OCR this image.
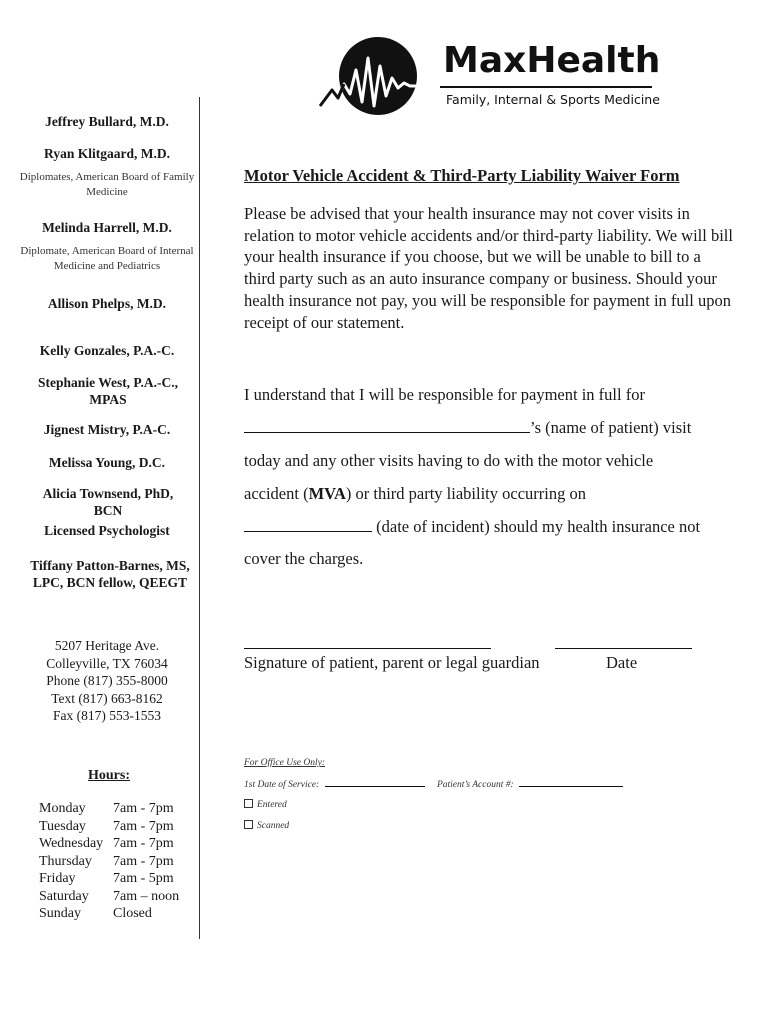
MaxHealth
Family, Internal & Sports Medicine
Jeffrey Bullard, M.D.
Ryan Klitgaard, M.D.
Diplomates, American Board of Family Medicine
Melinda Harrell, M.D.
Diplomate, American Board of Internal Medicine and Pediatrics
Allison Phelps, M.D.
Kelly Gonzales, P.A.-C.
Stephanie West, P.A.-C., MPAS
Jignest Mistry, P.A-C.
Melissa Young, D.C.
Alicia Townsend, PhD, BCN
Licensed Psychologist
Tiffany Patton-Barnes, MS, LPC, BCN fellow, QEEGT
5207 Heritage Ave.
Colleyville, TX 76034
Phone (817) 355-8000
Text (817) 663-8162
Fax (817) 553-1553
Hours:
Monday	7am - 7pm
Tuesday	7am - 7pm
Wednesday	7am - 7pm
Thursday	7am - 7pm
Friday	7am - 5pm
Saturday	7am – noon
Sunday	Closed
Motor Vehicle Accident & Third-Party Liability Waiver Form
Please be advised that your health insurance may not cover visits in relation to motor vehicle accidents and/or third-party liability. We will bill your health insurance if you choose, but we will be unable to bill to a third party such as an auto insurance company or business. Should your health insurance not pay, you will be responsible for payment in full upon receipt of our statement.
I understand that I will be responsible for payment in full for
’s (name of patient) visit
today and any other visits having to do with the motor vehicle
accident (MVA) or third party liability occurring on
(date of incident) should my health insurance not
cover the charges.
Signature of patient, parent or legal guardian	Date
For Office Use Only:
1st Date of Service:	Patient’s Account #:
Entered
Scanned
